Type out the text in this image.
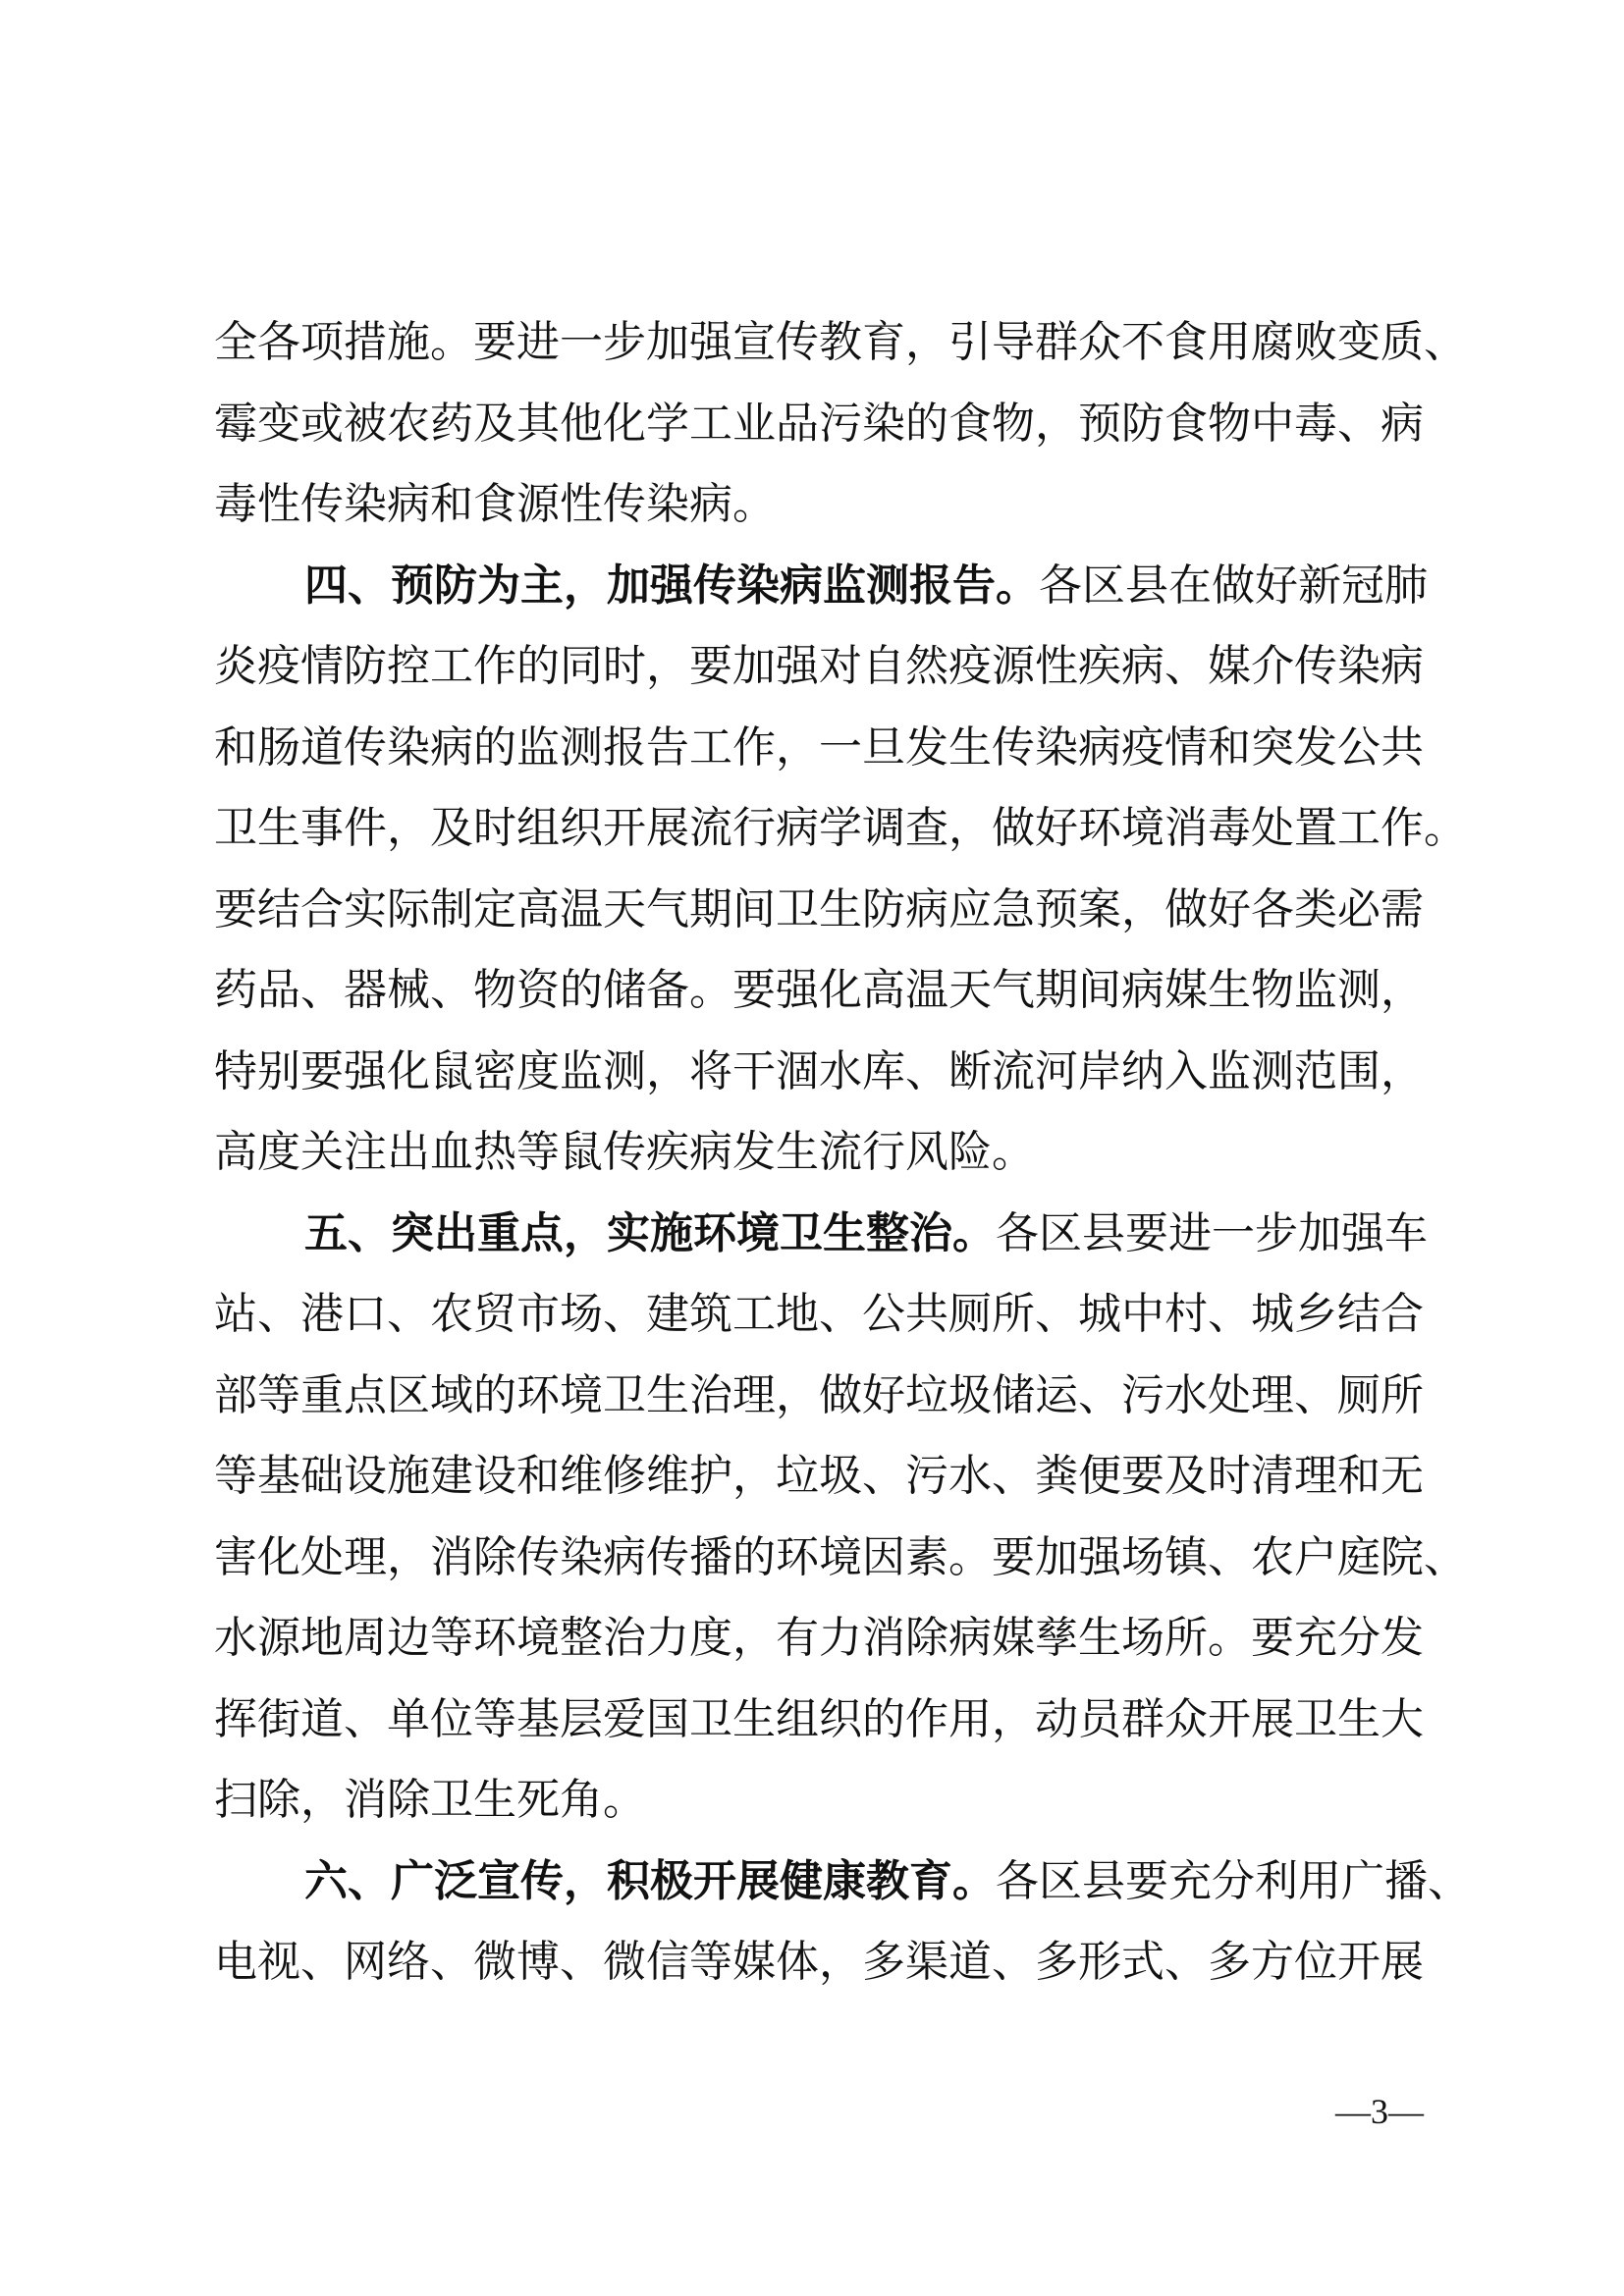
全各项措施。要进一步加强宣传教育，引导群众不食用腐败变质、
霉变或被农药及其他化学工业品污染的食物，预防食物中毒、病
毒性传染病和食源性传染病。
四、预防为主，加强传染病监测报告。各区县在做好新冠肺
炎疫情防控工作的同时，要加强对自然疫源性疾病、媒介传染病
和肠道传染病的监测报告工作，一旦发生传染病疫情和突发公共
卫生事件，及时组织开展流行病学调查，做好环境消毒处置工作。
要结合实际制定高温天气期间卫生防病应急预案，做好各类必需
药品、器械、物资的储备。要强化高温天气期间病媒生物监测，
特别要强化鼠密度监测，将干涸水库、断流河岸纳入监测范围，
高度关注出血热等鼠传疾病发生流行风险。
五、突出重点，实施环境卫生整治。各区县要进一步加强车
站、港口、农贸市场、建筑工地、公共厕所、城中村、城乡结合
部等重点区域的环境卫生治理，做好垃圾储运、污水处理、厕所
等基础设施建设和维修维护，垃圾、污水、粪便要及时清理和无
害化处理，消除传染病传播的环境因素。要加强场镇、农户庭院、
水源地周边等环境整治力度，有力消除病媒孳生场所。要充分发
挥街道、单位等基层爱国卫生组织的作用，动员群众开展卫生大
扫除，消除卫生死角。
六、广泛宣传，积极开展健康教育。各区县要充分利用广播、
电视、网络、微博、微信等媒体，多渠道、多形式、多方位开展
—3—
